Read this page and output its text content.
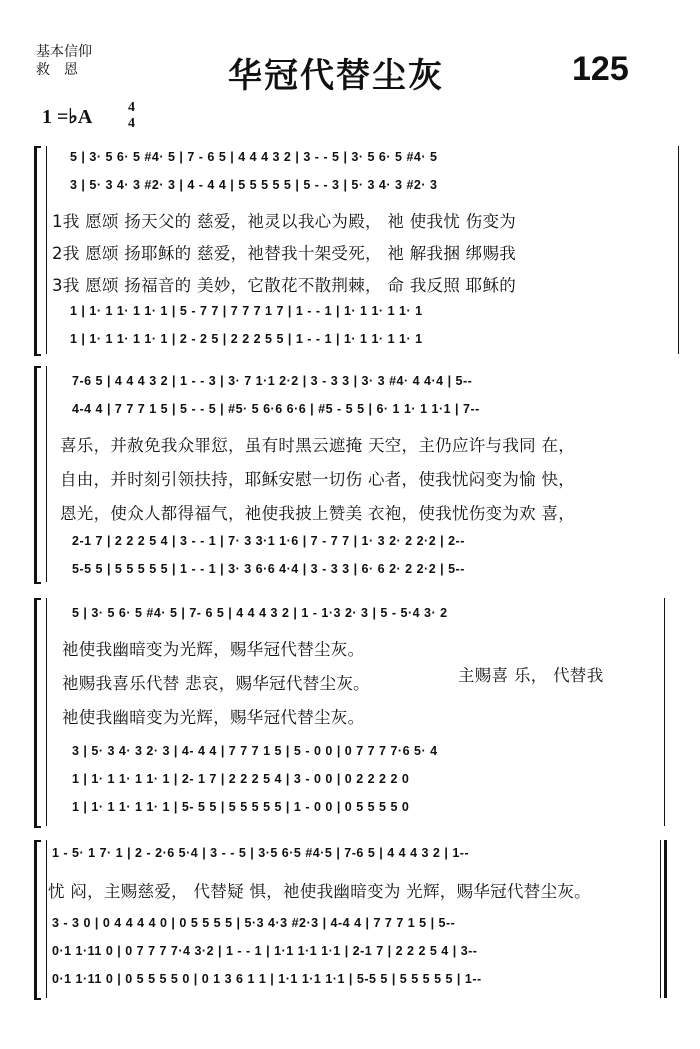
基本信仰
救　恩	华冠代替尘灰	125
1 =♭A	4
4
5 | 3· 5 6· 5 #4· 5 | 7 - 6 5 | 4 4 4 3 2 | 3 - - 5 | 3· 5 6· 5 #4· 5
3 | 5· 3 4· 3 #2· 3 | 4 - 4 4 | 5 5 5 5 5 | 5 - - 3 | 5· 3 4· 3 #2· 3
1我 愿颂 扬天父的 慈爱，祂灵以我心为殿， 祂 使我忧 伤变为
2我 愿颂 扬耶稣的 慈爱，祂替我十架受死， 祂 解我捆 绑赐我
3我 愿颂 扬福音的 美妙，它散花不散荆棘， 命 我反照 耶稣的
1 | 1· 1 1· 1 1· 1 | 5 - 7 7 | 7 7 7 1 7 | 1 - - 1 | 1· 1 1· 1 1· 1
1 | 1· 1 1· 1 1· 1 | 2 - 2 5 | 2 2 2 5 5 | 1 - - 1 | 1· 1 1· 1 1· 1
7-6 5 | 4 4 4 3 2 | 1 - - 3 | 3· 7 1·1 2·2 | 3 - 3 3 | 3· 3 #4· 4 4·4 | 5--
4-4 4 | 7 7 7 1 5 | 5 - - 5 | #5· 5 6·6 6·6 | #5 - 5 5 | 6· 1 1· 1 1·1 | 7--
喜乐，并赦免我众罪愆，虽有时黑云遮掩 天空，主仍应许与我同 在，
自由，并时刻引领扶持，耶稣安慰一切伤 心者，使我忧闷变为愉 快，
恩光，使众人都得福气，祂使我披上赞美 衣袍，使我忧伤变为欢 喜，
2-1 7 | 2 2 2 5 4 | 3 - - 1 | 7· 3 3·1 1·6 | 7 - 7 7 | 1· 3 2· 2 2·2 | 2--
5-5 5 | 5 5 5 5 5 | 1 - - 1 | 3· 3 6·6 4·4 | 3 - 3 3 | 6· 6 2· 2 2·2 | 5--
5 | 3· 5 6· 5 #4· 5 | 7- 6 5 | 4 4 4 3 2 | 1 - 1·3 2· 3 | 5 - 5·4 3· 2
祂使我幽暗变为光辉，赐华冠代替尘灰。
祂赐我喜乐代替 悲哀，赐华冠代替尘灰。
祂使我幽暗变为光辉，赐华冠代替尘灰。
主赐喜 乐， 代替我
3 | 5· 3 4· 3 2· 3 | 4- 4 4 | 7 7 7 1 5 | 5 - 0 0 | 0 7 7 7 7·6 5· 4
1 | 1· 1 1· 1 1· 1 | 2- 1 7 | 2 2 2 5 4 | 3 - 0 0 | 0 2 2 2 2 0
1 | 1· 1 1· 1 1· 1 | 5- 5 5 | 5 5 5 5 5 | 1 - 0 0 | 0 5 5 5 5 0
1 - 5· 1 7· 1 | 2 - 2·6 5·4 | 3 - - 5 | 3·5 6·5 #4·5 | 7-6 5 | 4 4 4 3 2 | 1--
忧 闷，主赐慈爱， 代替疑 惧，祂使我幽暗变为 光辉，赐华冠代替尘灰。
3 - 3 0 | 0 4 4 4 4 0 | 0 5 5 5 5 | 5·3 4·3 #2·3 | 4-4 4 | 7 7 7 1 5 | 5--
0·1 1·11 0 | 0 7 7 7 7·4 3·2 | 1 - - 1 | 1·1 1·1 1·1 | 2-1 7 | 2 2 2 5 4 | 3--
0·1 1·11 0 | 0 5 5 5 5 0 | 0 1 3 6 1 1 | 1·1 1·1 1·1 | 5-5 5 | 5 5 5 5 5 | 1--
